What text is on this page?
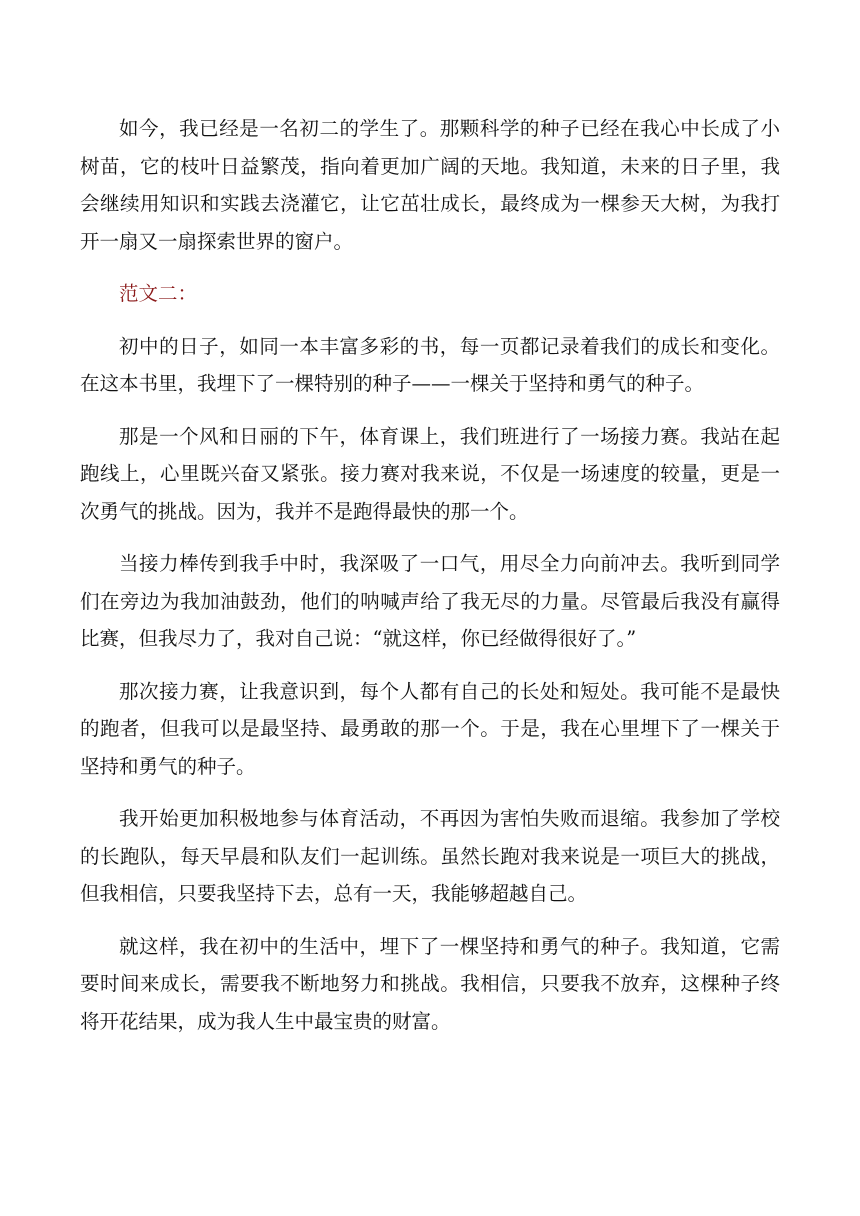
如今，我已经是一名初二的学生了。那颗科学的种子已经在我心中长成了小树苗，它的枝叶日益繁茂，指向着更加广阔的天地。我知道，未来的日子里，我会继续用知识和实践去浇灌它，让它茁壮成长，最终成为一棵参天大树，为我打开一扇又一扇探索世界的窗户。

范文二：

初中的日子，如同一本丰富多彩的书，每一页都记录着我们的成长和变化。在这本书里，我埋下了一棵特别的种子——一棵关于坚持和勇气的种子。

那是一个风和日丽的下午，体育课上，我们班进行了一场接力赛。我站在起跑线上，心里既兴奋又紧张。接力赛对我来说，不仅是一场速度的较量，更是一次勇气的挑战。因为，我并不是跑得最快的那一个。

当接力棒传到我手中时，我深吸了一口气，用尽全力向前冲去。我听到同学们在旁边为我加油鼓劲，他们的呐喊声给了我无尽的力量。尽管最后我没有赢得比赛，但我尽力了，我对自己说：“就这样，你已经做得很好了。”

那次接力赛，让我意识到，每个人都有自己的长处和短处。我可能不是最快的跑者，但我可以是最坚持、最勇敢的那一个。于是，我在心里埋下了一棵关于坚持和勇气的种子。

我开始更加积极地参与体育活动，不再因为害怕失败而退缩。我参加了学校的长跑队，每天早晨和队友们一起训练。虽然长跑对我来说是一项巨大的挑战，但我相信，只要我坚持下去，总有一天，我能够超越自己。

就这样，我在初中的生活中，埋下了一棵坚持和勇气的种子。我知道，它需要时间来成长，需要我不断地努力和挑战。我相信，只要我不放弃，这棵种子终将开花结果，成为我人生中最宝贵的财富。
